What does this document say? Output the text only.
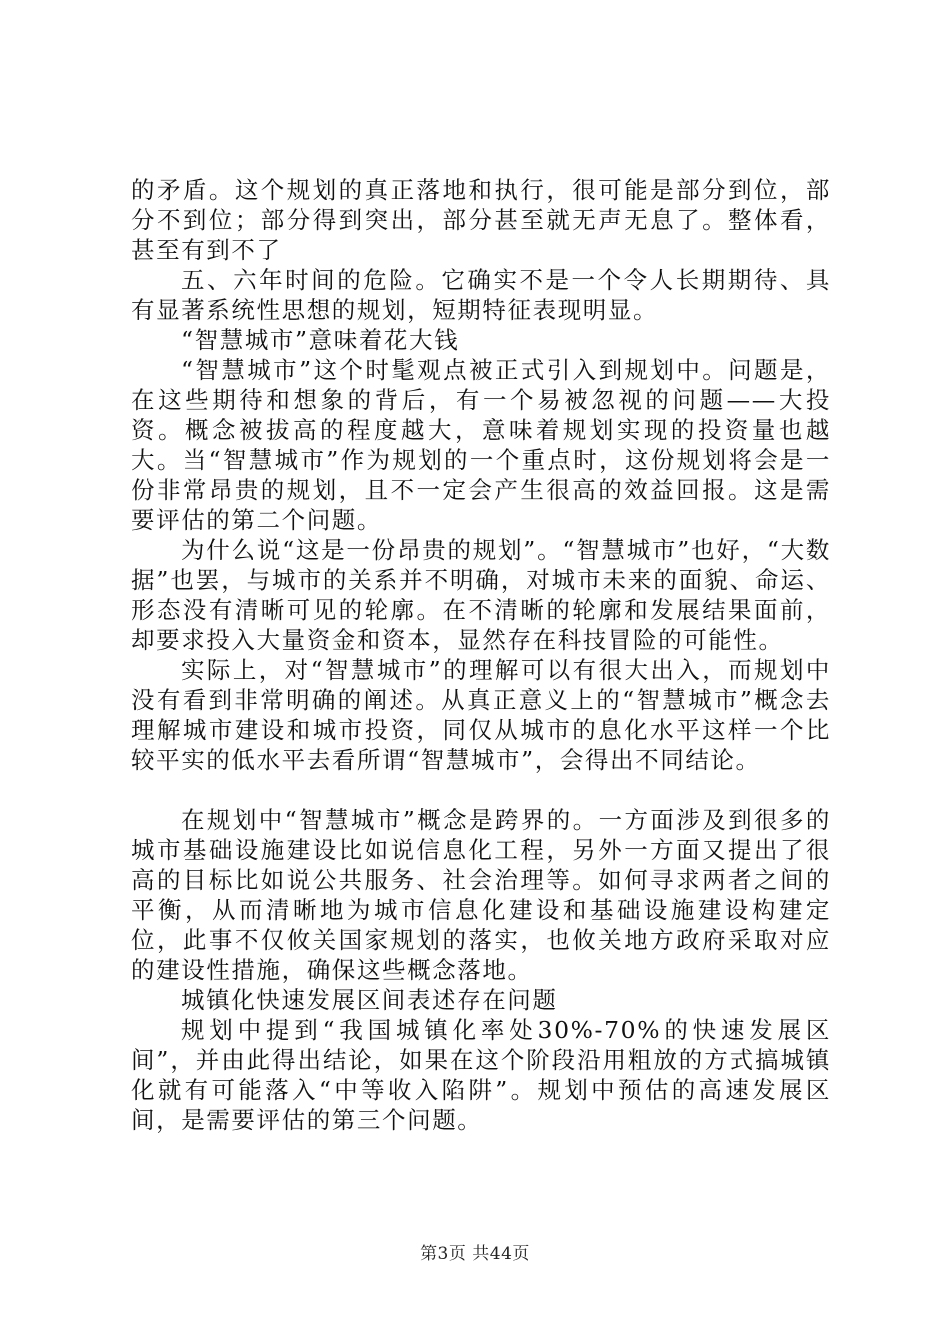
的矛盾。这个规划的真正落地和执行，很可能是部分到位，部分不到位；部分得到突出，部分甚至就无声无息了。整体看，甚至有到不了

五、六年时间的危险。它确实不是一个令人长期期待、具有显著系统性思想的规划，短期特征表现明显。

“智慧城市”意味着花大钱

“智慧城市”这个时髦观点被正式引入到规划中。问题是，在这些期待和想象的背后，有一个易被忽视的问题——大投资。概念被拔高的程度越大，意味着规划实现的投资量也越大。当“智慧城市”作为规划的一个重点时，这份规划将会是一份非常昂贵的规划，且不一定会产生很高的效益回报。这是需要评估的第二个问题。

为什么说“这是一份昂贵的规划”。“智慧城市”也好，“大数据”也罢，与城市的关系并不明确，对城市未来的面貌、命运、形态没有清晰可见的轮廓。在不清晰的轮廓和发展结果面前，却要求投入大量资金和资本，显然存在科技冒险的可能性。

实际上，对“智慧城市”的理解可以有很大出入，而规划中没有看到非常明确的阐述。从真正意义上的“智慧城市”概念去理解城市建设和城市投资，同仅从城市的息化水平这样一个比较平实的低水平去看所谓“智慧城市”，会得出不同结论。

在规划中“智慧城市”概念是跨界的。一方面涉及到很多的城市基础设施建设比如说信息化工程，另外一方面又提出了很高的目标比如说公共服务、社会治理等。如何寻求两者之间的平衡，从而清晰地为城市信息化建设和基础设施建设构建定位，此事不仅攸关国家规划的落实，也攸关地方政府采取对应的建设性措施，确保这些概念落地。

城镇化快速发展区间表述存在问题

规划中提到“我国城镇化率处30%-70%的快速发展区间”，并由此得出结论，如果在这个阶段沿用粗放的方式搞城镇化就有可能落入“中等收入陷阱”。规划中预估的高速发展区间，是需要评估的第三个问题。

第3页 共44页
